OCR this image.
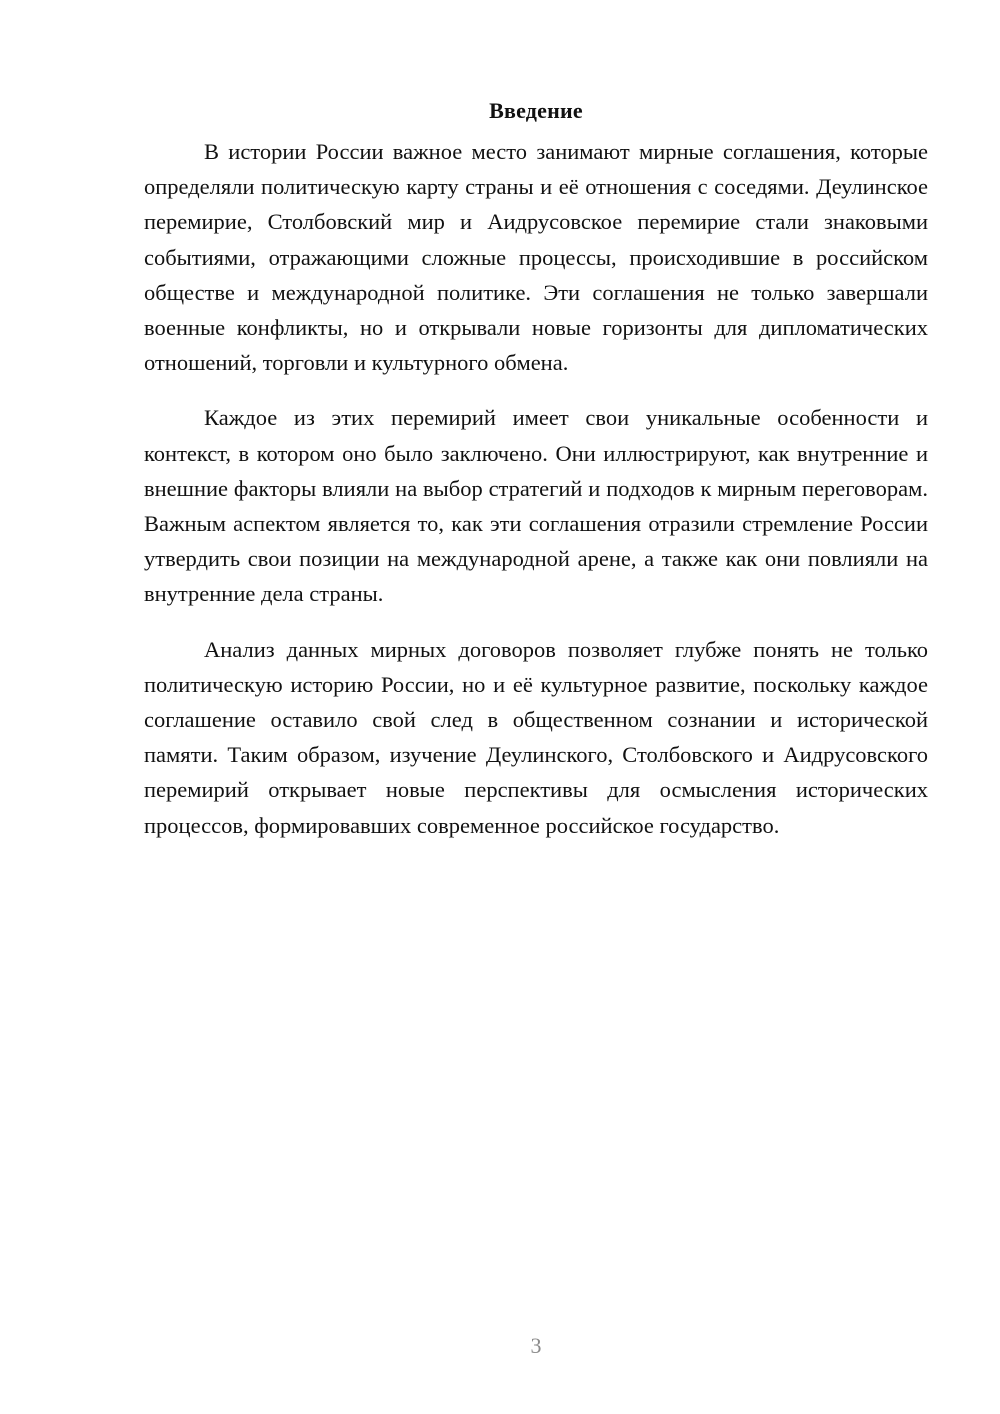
Введение

В истории России важное место занимают мирные соглашения, которые определяли политическую карту страны и её отношения с соседями. Деулинское перемирие, Столбовский мир и Аидрусовское перемирие стали знаковыми событиями, отражающими сложные процессы, происходившие в российском обществе и международной политике. Эти соглашения не только завершали военные конфликты, но и открывали новые горизонты для дипломатических отношений, торговли и культурного обмена.

Каждое из этих перемирий имеет свои уникальные особенности и контекст, в котором оно было заключено. Они иллюстрируют, как внутренние и внешние факторы влияли на выбор стратегий и подходов к мирным переговорам. Важным аспектом является то, как эти соглашения отразили стремление России утвердить свои позиции на международной арене, а также как они повлияли на внутренние дела страны.

Анализ данных мирных договоров позволяет глубже понять не только политическую историю России, но и её культурное развитие, поскольку каждое соглашение оставило свой след в общественном сознании и исторической памяти. Таким образом, изучение Деулинского, Столбовского и Аидрусовского перемирий открывает новые перспективы для осмысления исторических процессов, формировавших современное российское государство.

3
